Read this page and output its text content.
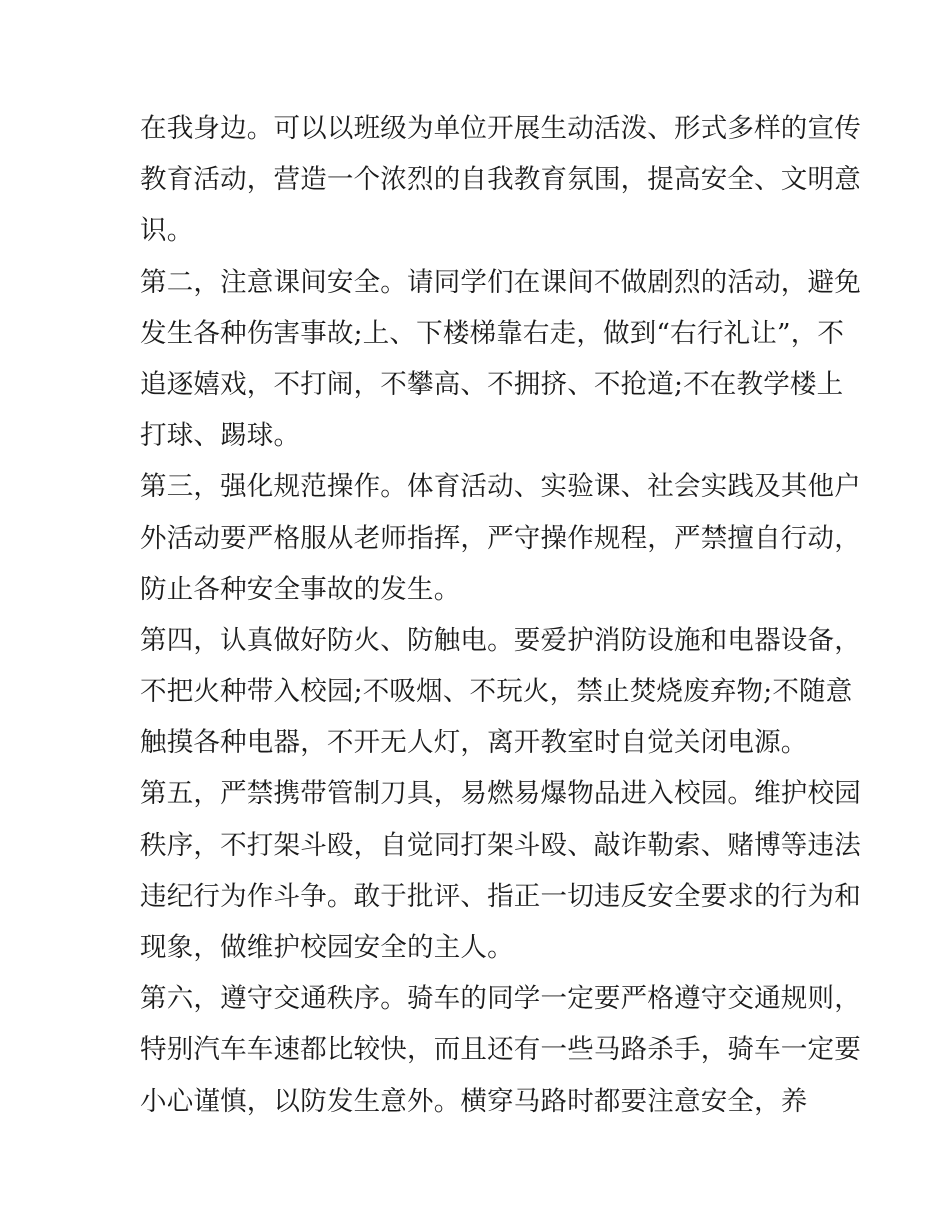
在我身边。可以以班级为单位开展生动活泼、形式多样的宣传
教育活动，营造一个浓烈的自我教育氛围，提高安全、文明意
识。
第二，注意课间安全。请同学们在课间不做剧烈的活动，避免
发生各种伤害事故;上、下楼梯靠右走，做到“右行礼让”，不
追逐嬉戏，不打闹，不攀高、不拥挤、不抢道;不在教学楼上
打球、踢球。
第三，强化规范操作。体育活动、实验课、社会实践及其他户
外活动要严格服从老师指挥，严守操作规程，严禁擅自行动，
防止各种安全事故的发生。
第四，认真做好防火、防触电。要爱护消防设施和电器设备，
不把火种带入校园;不吸烟、不玩火，禁止焚烧废弃物;不随意
触摸各种电器，不开无人灯，离开教室时自觉关闭电源。
第五，严禁携带管制刀具，易燃易爆物品进入校园。维护校园
秩序，不打架斗殴，自觉同打架斗殴、敲诈勒索、赌博等违法
违纪行为作斗争。敢于批评、指正一切违反安全要求的行为和
现象，做维护校园安全的主人。
第六，遵守交通秩序。骑车的同学一定要严格遵守交通规则，
特别汽车车速都比较快，而且还有一些马路杀手，骑车一定要
小心谨慎，以防发生意外。横穿马路时都要注意安全，养
